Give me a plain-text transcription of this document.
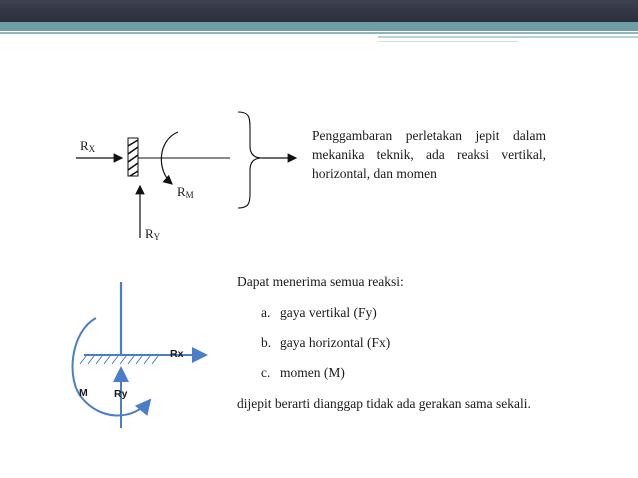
$R_X$
$R_M$
$R_Y$
Penggambaran perletakan jepit dalam
mekanika teknik, ada reaksi vertikal,
horizontal, dan momen
Rx
Ry
M
Dapat menerima semua reaksi:
a. gaya vertikal (Fy)
b. gaya horizontal (Fx)
c. momen (M)
dijepit berarti dianggap tidak ada gerakan sama sekali.
